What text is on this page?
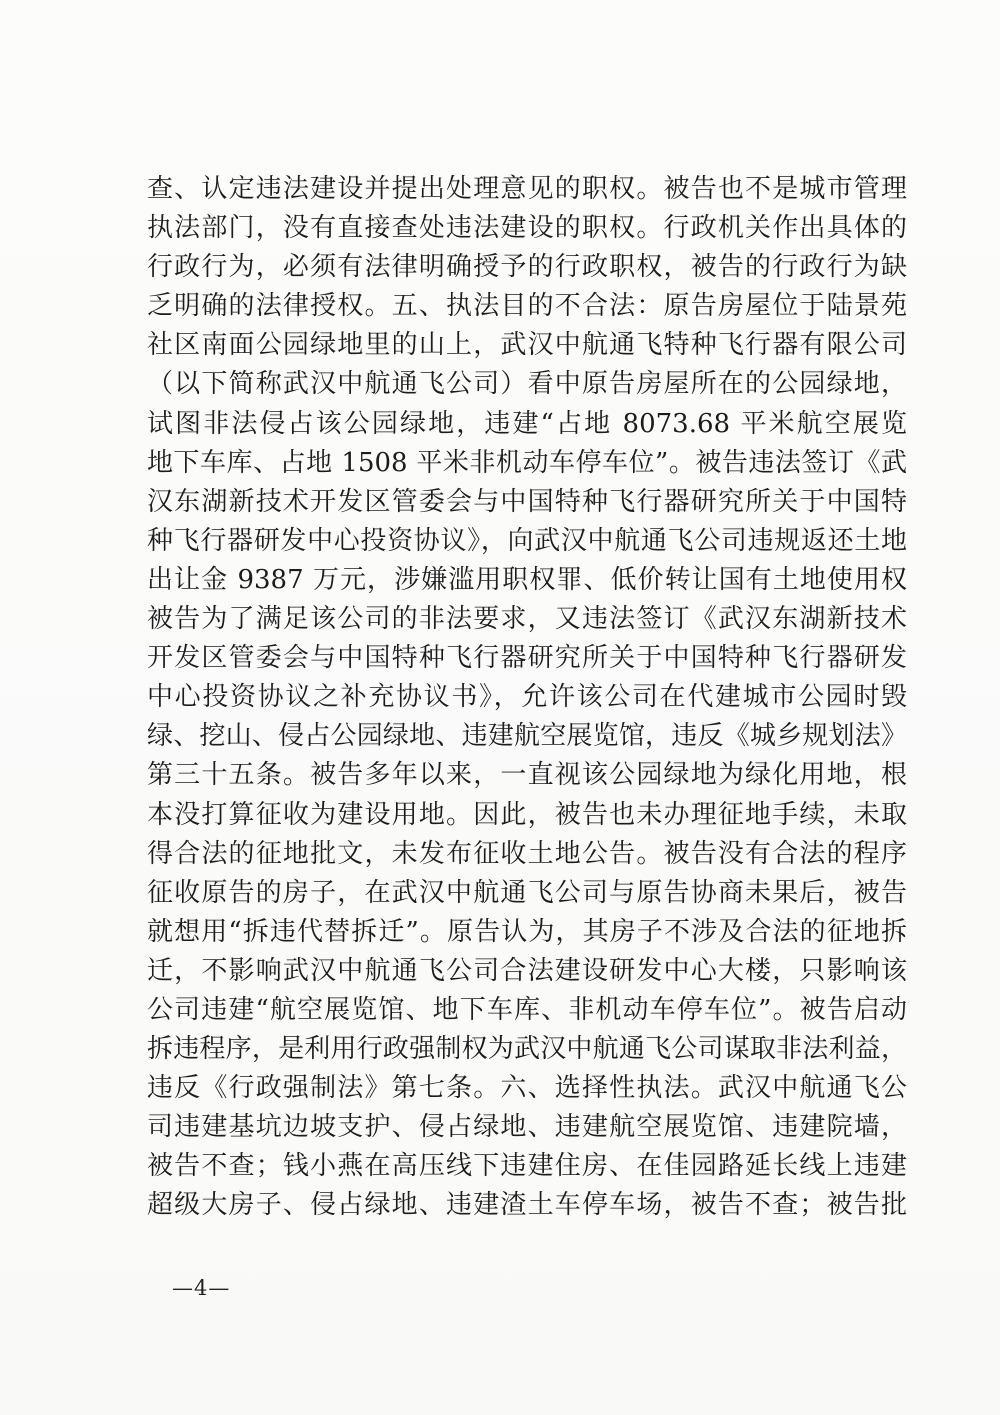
查、认定违法建设并提出处理意见的职权。被告也不是城市管理
执法部门，没有直接查处违法建设的职权。行政机关作出具体的
行政行为，必须有法律明确授予的行政职权，被告的行政行为缺
乏明确的法律授权。五、执法目的不合法：原告房屋位于陆景苑
社区南面公园绿地里的山上，武汉中航通飞特种飞行器有限公司
（以下简称武汉中航通飞公司）看中原告房屋所在的公园绿地，
试图非法侵占该公园绿地，违建“占地 8073.68 平米航空展览
地下车库、占地 1508 平米非机动车停车位”。被告违法签订《武
汉东湖新技术开发区管委会与中国特种飞行器研究所关于中国特
种飞行器研发中心投资协议》，向武汉中航通飞公司违规返还土地
出让金 9387 万元，涉嫌滥用职权罪、低价转让国有土地使用权
被告为了满足该公司的非法要求，又违法签订《武汉东湖新技术
开发区管委会与中国特种飞行器研究所关于中国特种飞行器研发
中心投资协议之补充协议书》，允许该公司在代建城市公园时毁
绿、挖山、侵占公园绿地、违建航空展览馆，违反《城乡规划法》
第三十五条。被告多年以来，一直视该公园绿地为绿化用地，根
本没打算征收为建设用地。因此，被告也未办理征地手续，未取
得合法的征地批文，未发布征收土地公告。被告没有合法的程序
征收原告的房子，在武汉中航通飞公司与原告协商未果后，被告
就想用“拆违代替拆迁”。原告认为，其房子不涉及合法的征地拆
迁，不影响武汉中航通飞公司合法建设研发中心大楼，只影响该
公司违建“航空展览馆、地下车库、非机动车停车位”。被告启动
拆违程序，是利用行政强制权为武汉中航通飞公司谋取非法利益，
违反《行政强制法》第七条。六、选择性执法。武汉中航通飞公
司违建基坑边坡支护、侵占绿地、违建航空展览馆、违建院墙，
被告不查；钱小燕在高压线下违建住房、在佳园路延长线上违建
超级大房子、侵占绿地、违建渣土车停车场，被告不查；被告批
—4—
